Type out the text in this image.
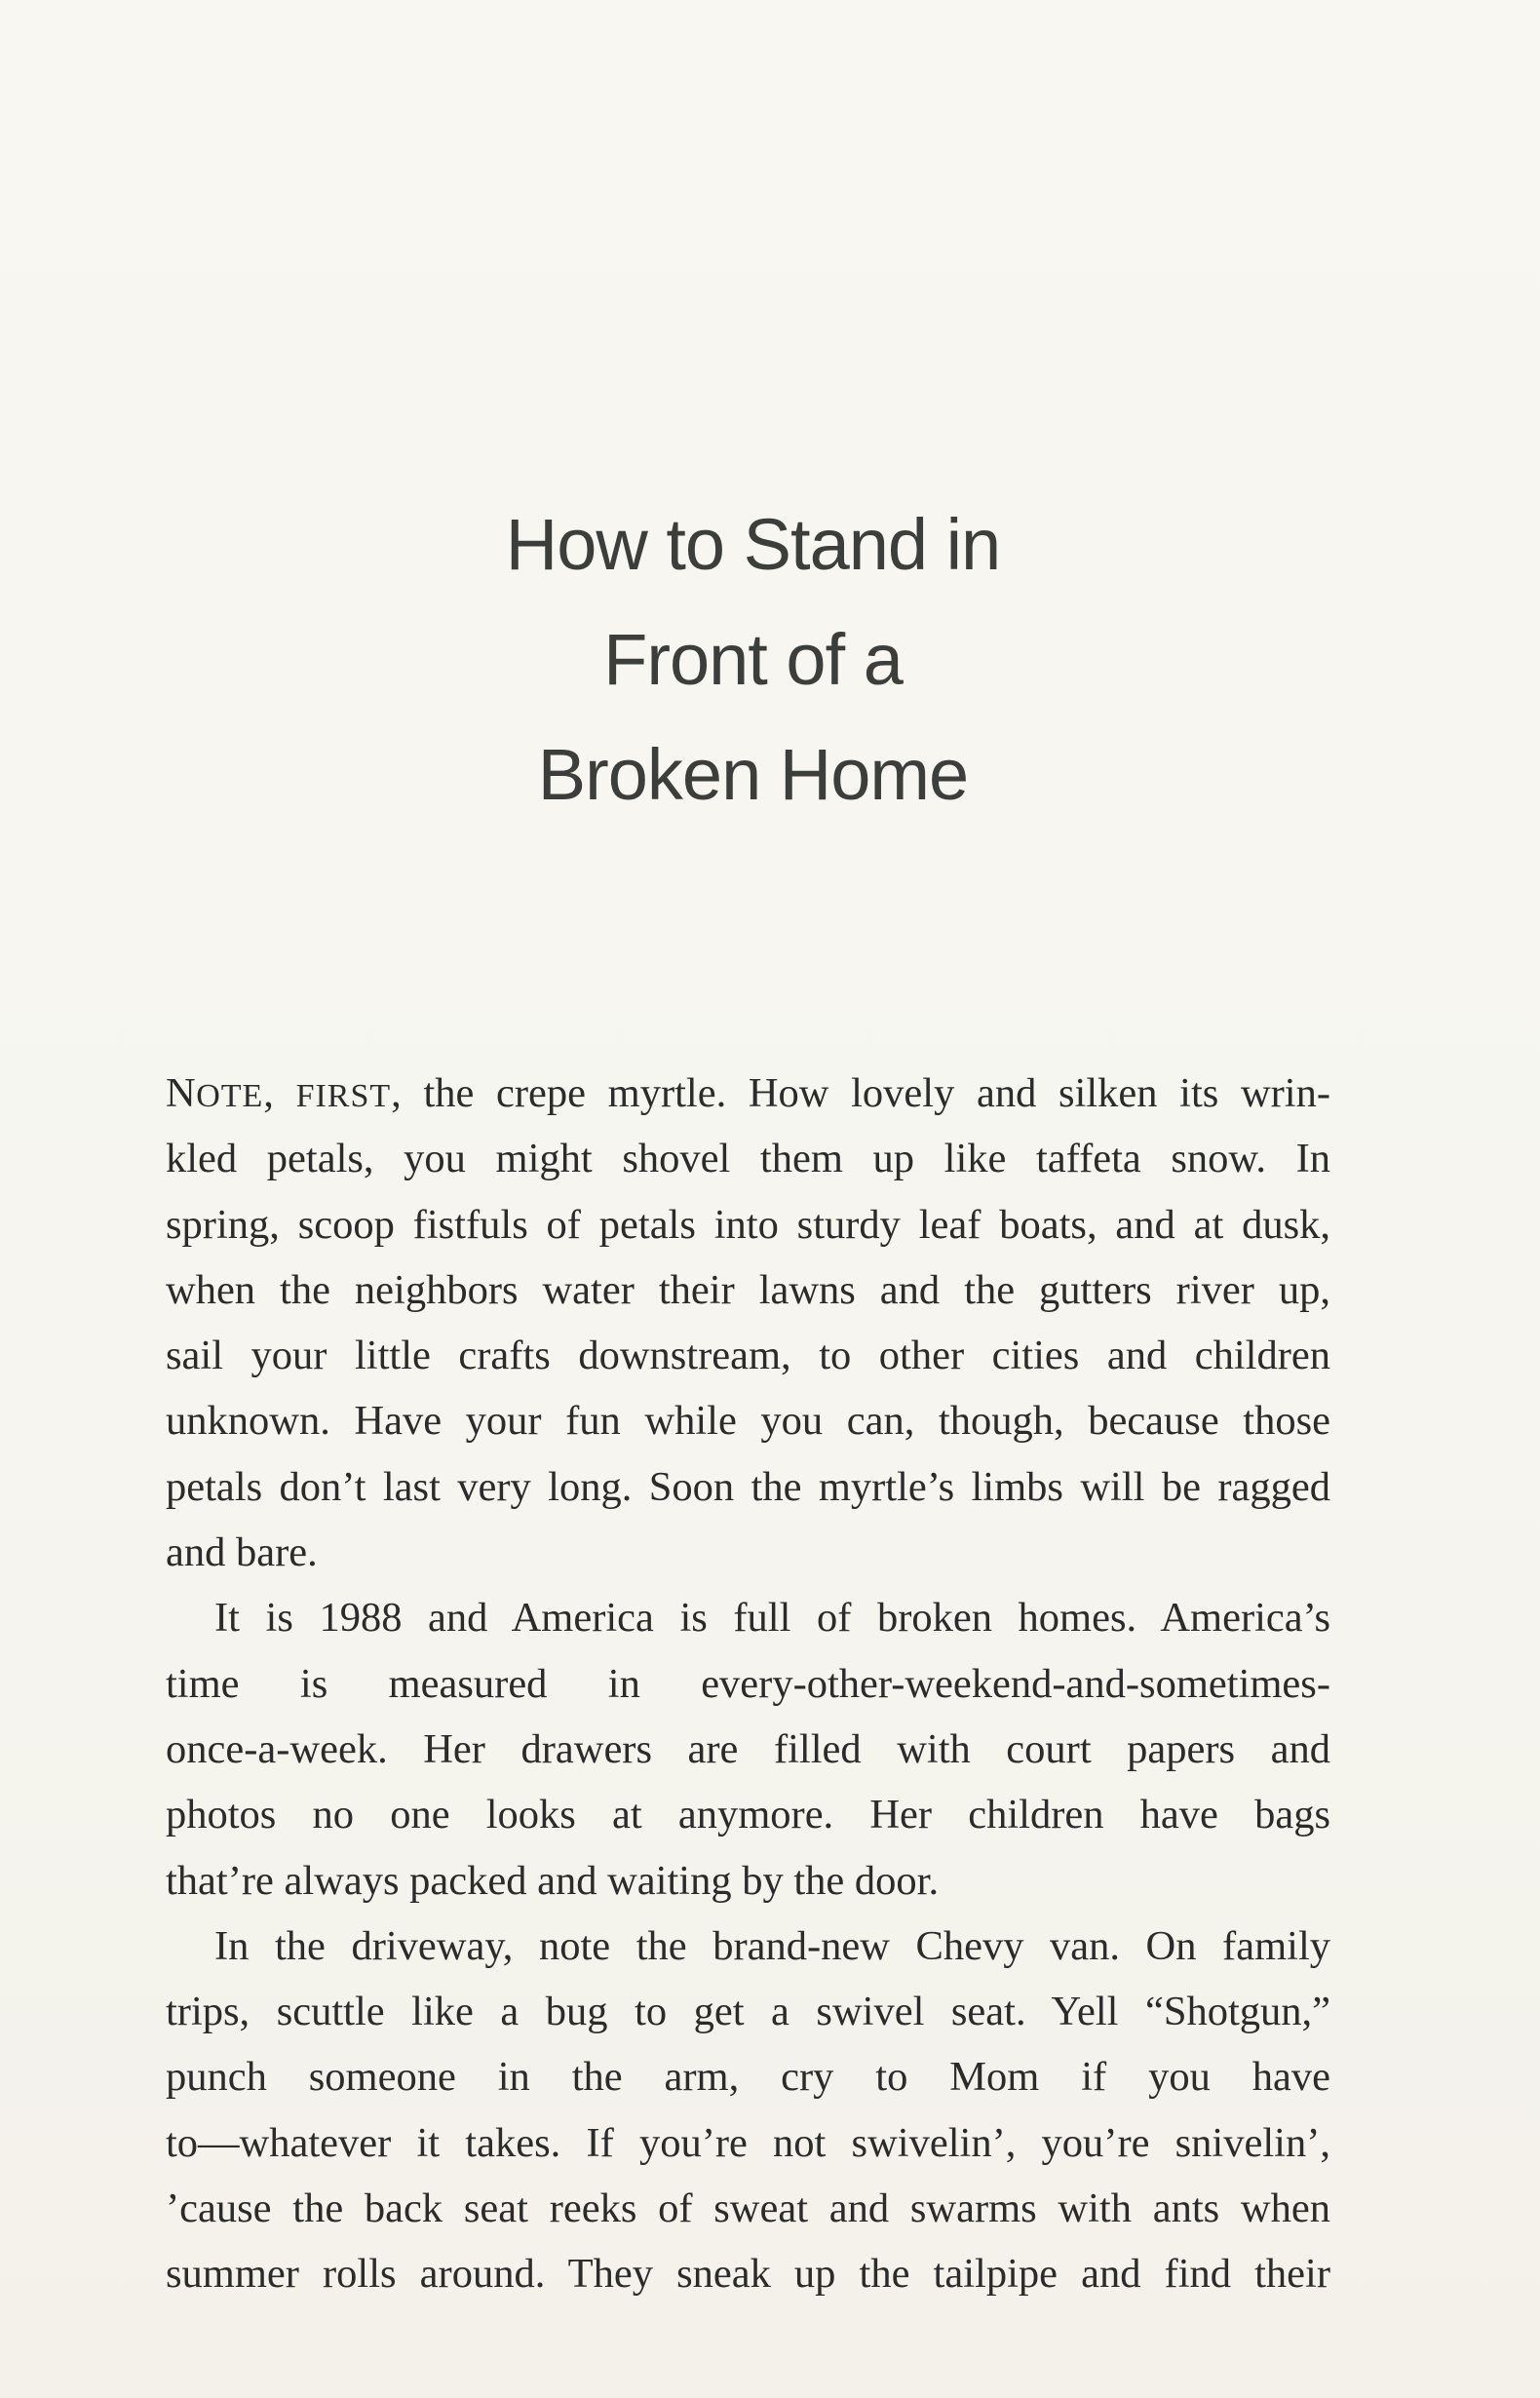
How to Stand in
Front of a
Broken Home
NOTE, FIRST, the crepe myrtle. How lovely and silken its wrin-
kled petals, you might shovel them up like taffeta snow. In
spring, scoop fistfuls of petals into sturdy leaf boats, and at dusk,
when the neighbors water their lawns and the gutters river up,
sail your little crafts downstream, to other cities and children
unknown. Have your fun while you can, though, because those
petals don’t last very long. Soon the myrtle’s limbs will be ragged
and bare.
It is 1988 and America is full of broken homes. America’s
time is measured in every-other-weekend-and-sometimes-
once-a-week. Her drawers are filled with court papers and
photos no one looks at anymore. Her children have bags
that’re always packed and waiting by the door.
In the driveway, note the brand-new Chevy van. On family
trips, scuttle like a bug to get a swivel seat. Yell “Shotgun,”
punch someone in the arm, cry to Mom if you have
to—whatever it takes. If you’re not swivelin’, you’re snivelin’,
’cause the back seat reeks of sweat and swarms with ants when
summer rolls around. They sneak up the tailpipe and find their
